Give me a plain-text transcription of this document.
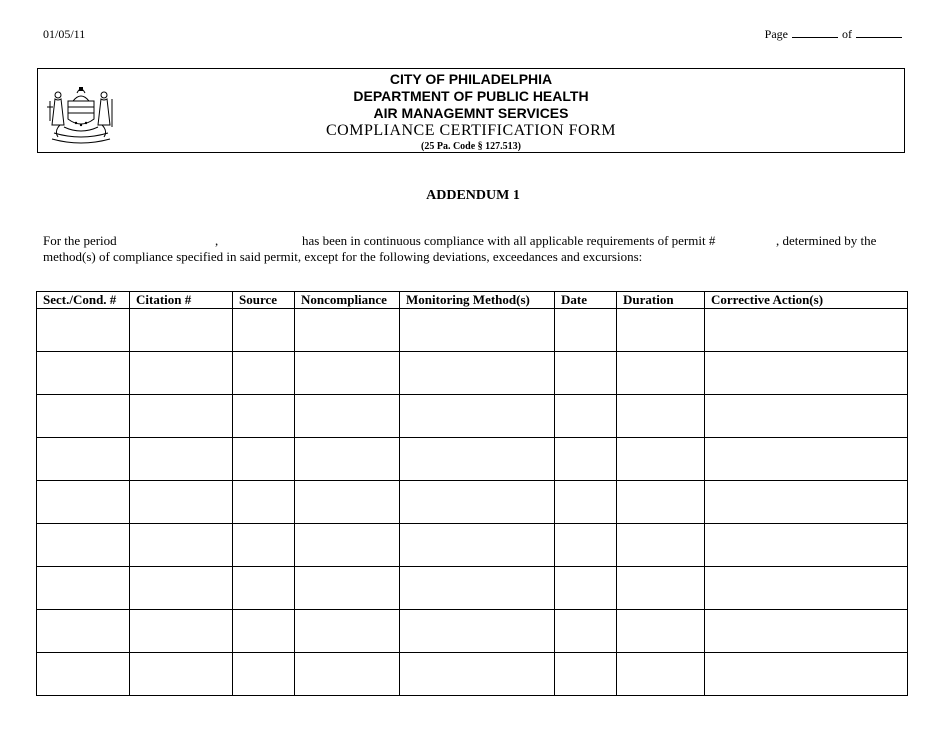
01/05/11	Page	of
CITY OF PHILADELPHIA
DEPARTMENT OF PUBLIC HEALTH
AIR MANAGEMNT SERVICES
COMPLIANCE CERTIFICATION FORM
(25 Pa. Code § 127.513)
ADDENDUM 1
For the period	,	has been in continuous compliance with all applicable requirements of permit #	, determined by the
method(s) of compliance specified in said permit, except for the following deviations, exceedances and excursions:
Sect./Cond. #	Citation #	Source	Noncompliance	Monitoring Method(s)	Date	Duration	Corrective Action(s)
